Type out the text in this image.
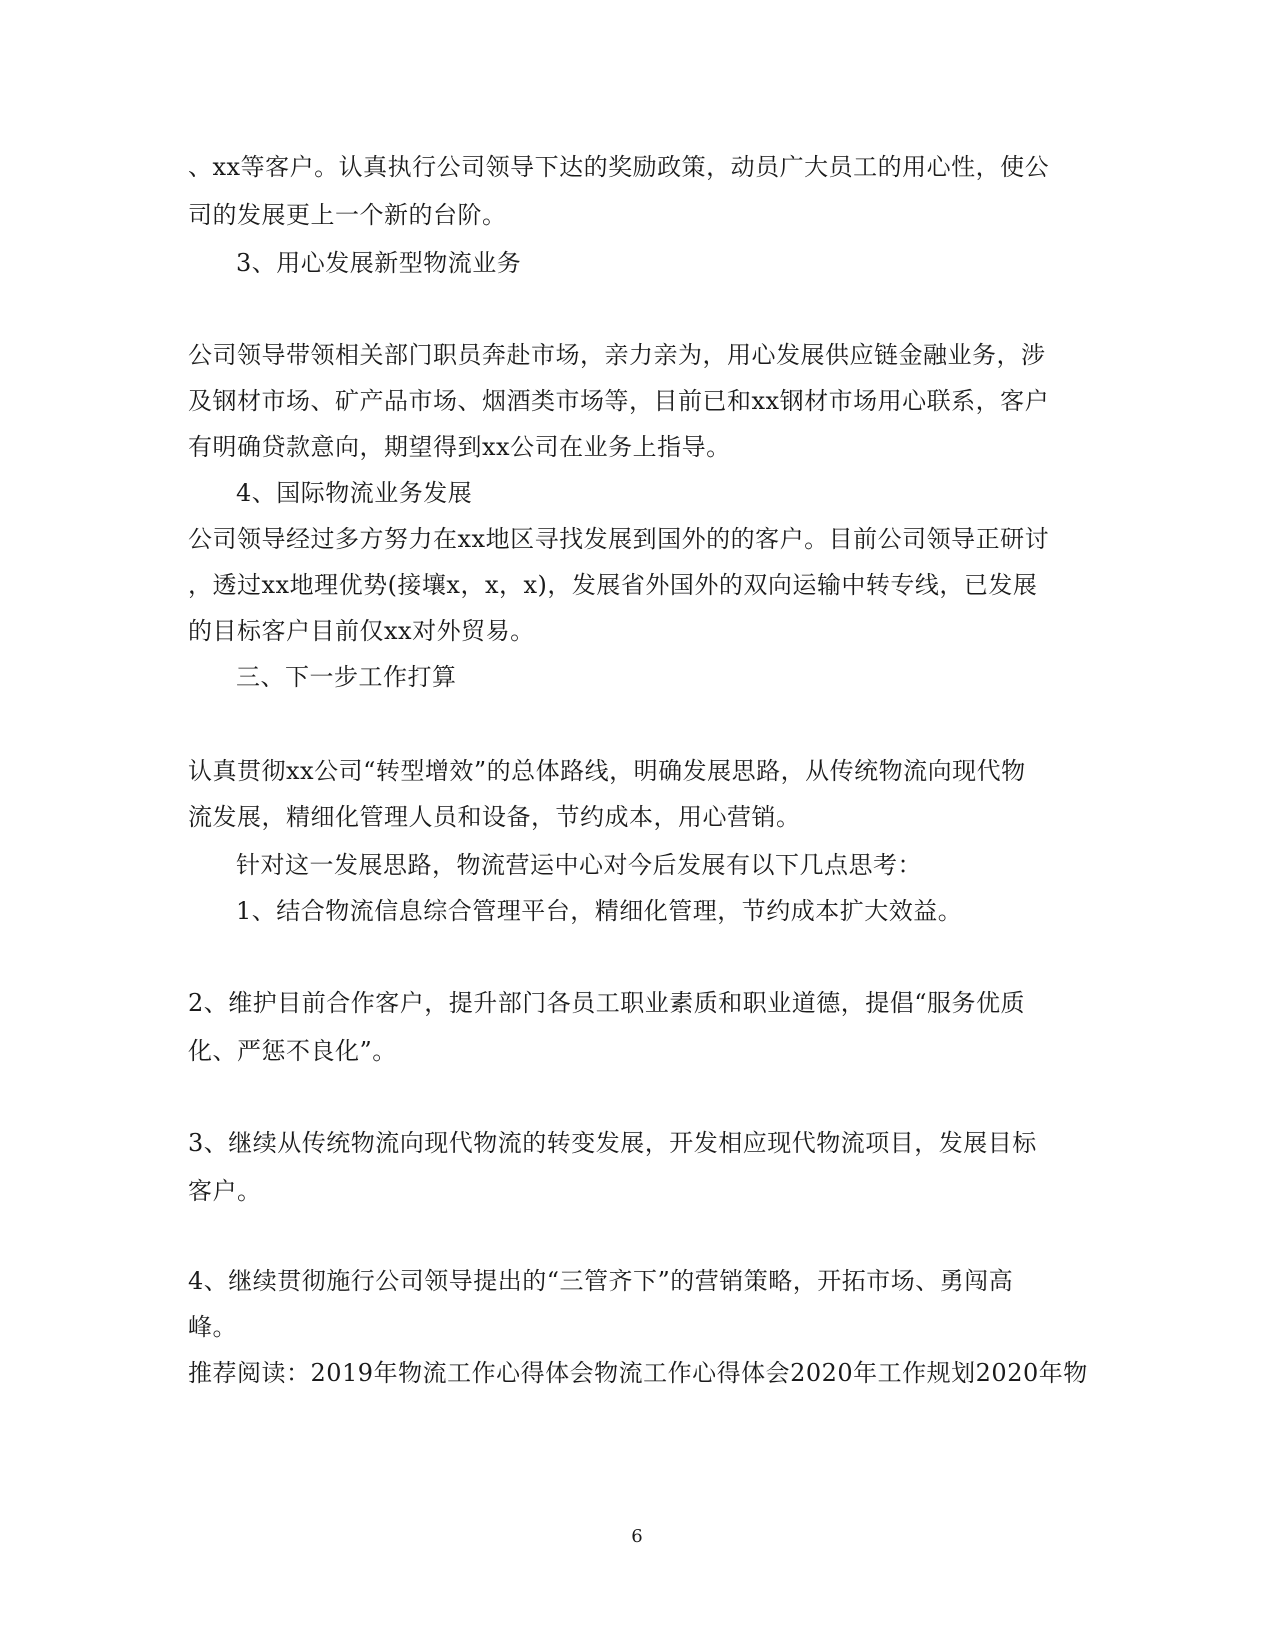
、xx等客户。认真执行公司领导下达的奖励政策，动员广大员工的用心性，使公
司的发展更上一个新的台阶。
3、用心发展新型物流业务
公司领导带领相关部门职员奔赴市场，亲力亲为，用心发展供应链金融业务，涉
及钢材市场、矿产品市场、烟酒类市场等，目前已和xx钢材市场用心联系，客户
有明确贷款意向，期望得到xx公司在业务上指导。
4、国际物流业务发展
公司领导经过多方努力在xx地区寻找发展到国外的的客户。目前公司领导正研讨
，透过xx地理优势(接壤x，x，x)，发展省外国外的双向运输中转专线，已发展
的目标客户目前仅xx对外贸易。
三、下一步工作打算
认真贯彻xx公司“转型增效”的总体路线，明确发展思路，从传统物流向现代物
流发展，精细化管理人员和设备，节约成本，用心营销。
针对这一发展思路，物流营运中心对今后发展有以下几点思考：
1、结合物流信息综合管理平台，精细化管理，节约成本扩大效益。
2、维护目前合作客户，提升部门各员工职业素质和职业道德，提倡“服务优质
化、严惩不良化”。
3、继续从传统物流向现代物流的转变发展，开发相应现代物流项目，发展目标
客户。
4、继续贯彻施行公司领导提出的“三管齐下”的营销策略，开拓市场、勇闯高
峰。
推荐阅读：2019年物流工作心得体会物流工作心得体会2020年工作规划2020年物
6
